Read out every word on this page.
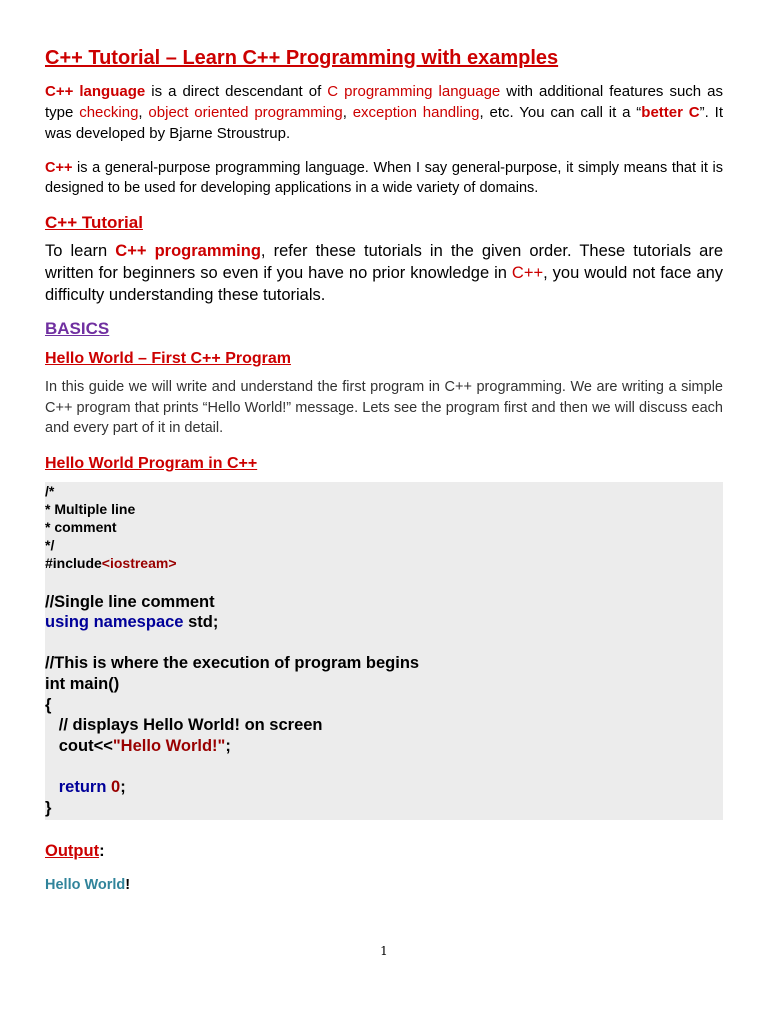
C++ Tutorial – Learn C++ Programming with examples

C++ language is a direct descendant of C programming language with additional features such as type checking, object oriented programming, exception handling, etc. You can call it a “better C”. It was developed by Bjarne Stroustrup.

C++ is a general-purpose programming language. When I say general-purpose, it simply means that it is designed to be used for developing applications in a wide variety of domains.

C++ Tutorial

To learn C++ programming, refer these tutorials in the given order. These tutorials are written for beginners so even if you have no prior knowledge in C++, you would not face any difficulty understanding these tutorials.

BASICS
Hello World – First C++ Program

In this guide we will write and understand the first program in C++ programming. We are writing a simple C++ program that prints “Hello World!” message. Lets see the program first and then we will discuss each and every part of it in detail.

Hello World Program in C++
/*
* Multiple line
* comment
*/
#include<iostream>
//Single line comment
using namespace std;
//This is where the execution of program begins
int main()
{
// displays Hello World! on screen
cout<<"Hello World!";
return 0;
}
Output:
Hello World!
1
